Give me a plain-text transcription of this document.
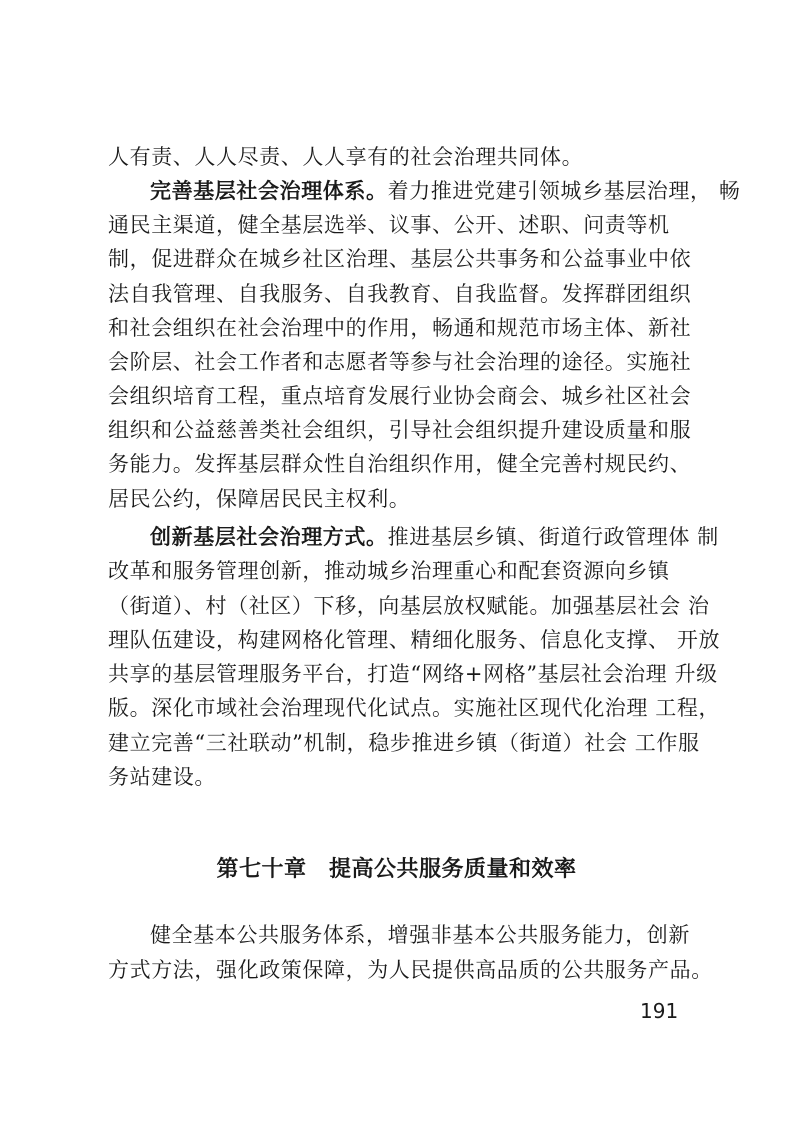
人有责、人人尽责、人人享有的社会治理共同体。
完善基层社会治理体系。着力推进党建引领城乡基层治理， 畅
通民主渠道，健全基层选举、议事、公开、述职、问责等机
制，促进群众在城乡社区治理、基层公共事务和公益事业中依
法自我管理、自我服务、自我教育、自我监督。发挥群团组织
和社会组织在社会治理中的作用，畅通和规范市场主体、新社
会阶层、社会工作者和志愿者等参与社会治理的途径。实施社
会组织培育工程，重点培育发展行业协会商会、城乡社区社会
组织和公益慈善类社会组织，引导社会组织提升建设质量和服
务能力。发挥基层群众性自治组织作用，健全完善村规民约、
居民公约，保障居民民主权利。
创新基层社会治理方式。推进基层乡镇、街道行政管理体 制
改革和服务管理创新，推动城乡治理重心和配套资源向乡镇
（街道）、村（社区）下移，向基层放权赋能。加强基层社会 治
理队伍建设，构建网格化管理、精细化服务、信息化支撑、 开放
共享的基层管理服务平台，打造“网络+网格”基层社会治理 升级
版。深化市域社会治理现代化试点。实施社区现代化治理 工程，
建立完善“三社联动”机制，稳步推进乡镇（街道）社会 工作服
务站建设。
第七十章　提高公共服务质量和效率
健全基本公共服务体系，增强非基本公共服务能力，创新
方式方法，强化政策保障，为人民提供高品质的公共服务产品。
191
